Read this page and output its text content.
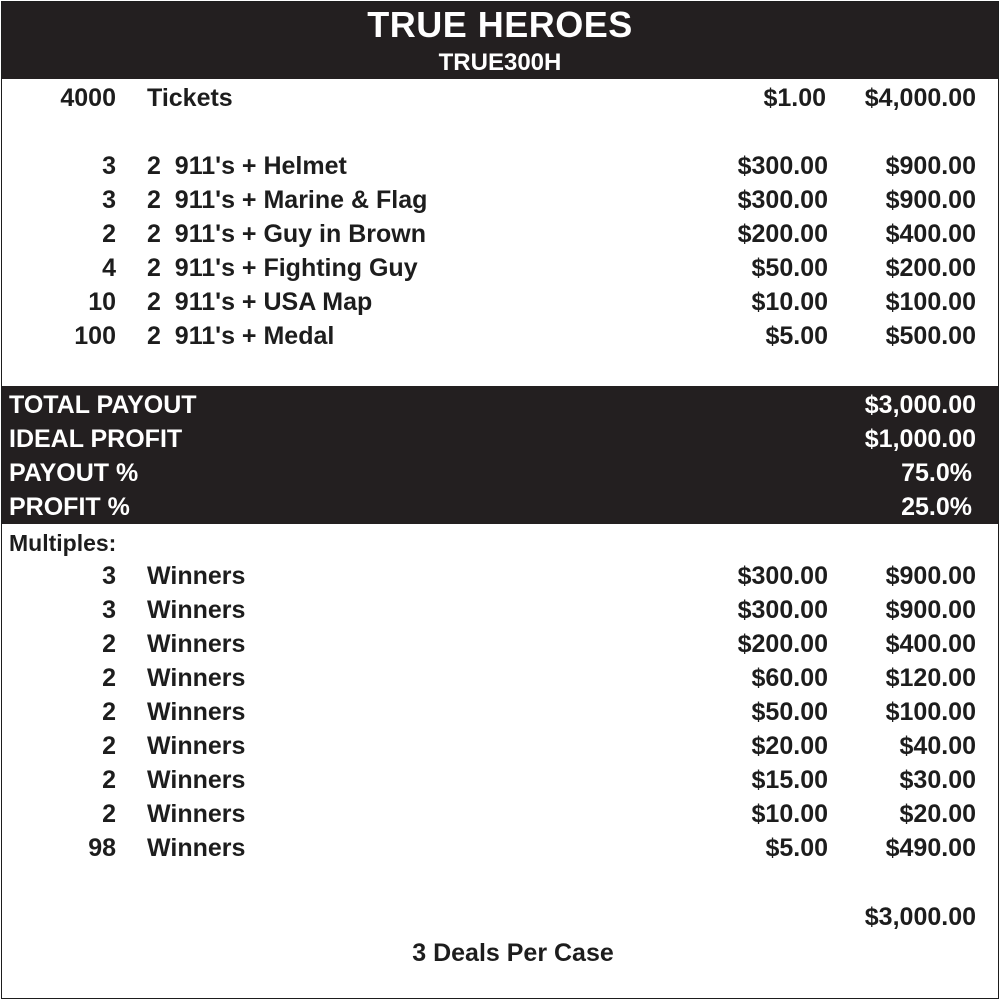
TRUE HEROES
TRUE300H
4000 Tickets	$1.00 $4,000.00
3 2  911's + Helmet	$300.00 $900.00
3 2  911's + Marine & Flag	$300.00 $900.00
2 2  911's + Guy in Brown	$200.00 $400.00
4 2  911's + Fighting Guy	$50.00 $200.00
10 2  911's + USA Map	$10.00 $100.00
100 2  911's + Medal	$5.00 $500.00
TOTAL PAYOUT	$3,000.00
IDEAL PROFIT	$1,000.00
PAYOUT %	75.0%
PROFIT %	25.0%
Multiples:
3 Winners	$300.00 $900.00
3 Winners	$300.00 $900.00
2 Winners	$200.00 $400.00
2 Winners	$60.00 $120.00
2 Winners	$50.00 $100.00
2 Winners	$20.00	$40.00
2 Winners	$15.00	$30.00
2 Winners	$10.00	$20.00
98 Winners	$5.00 $490.00
$3,000.00
3 Deals Per Case
